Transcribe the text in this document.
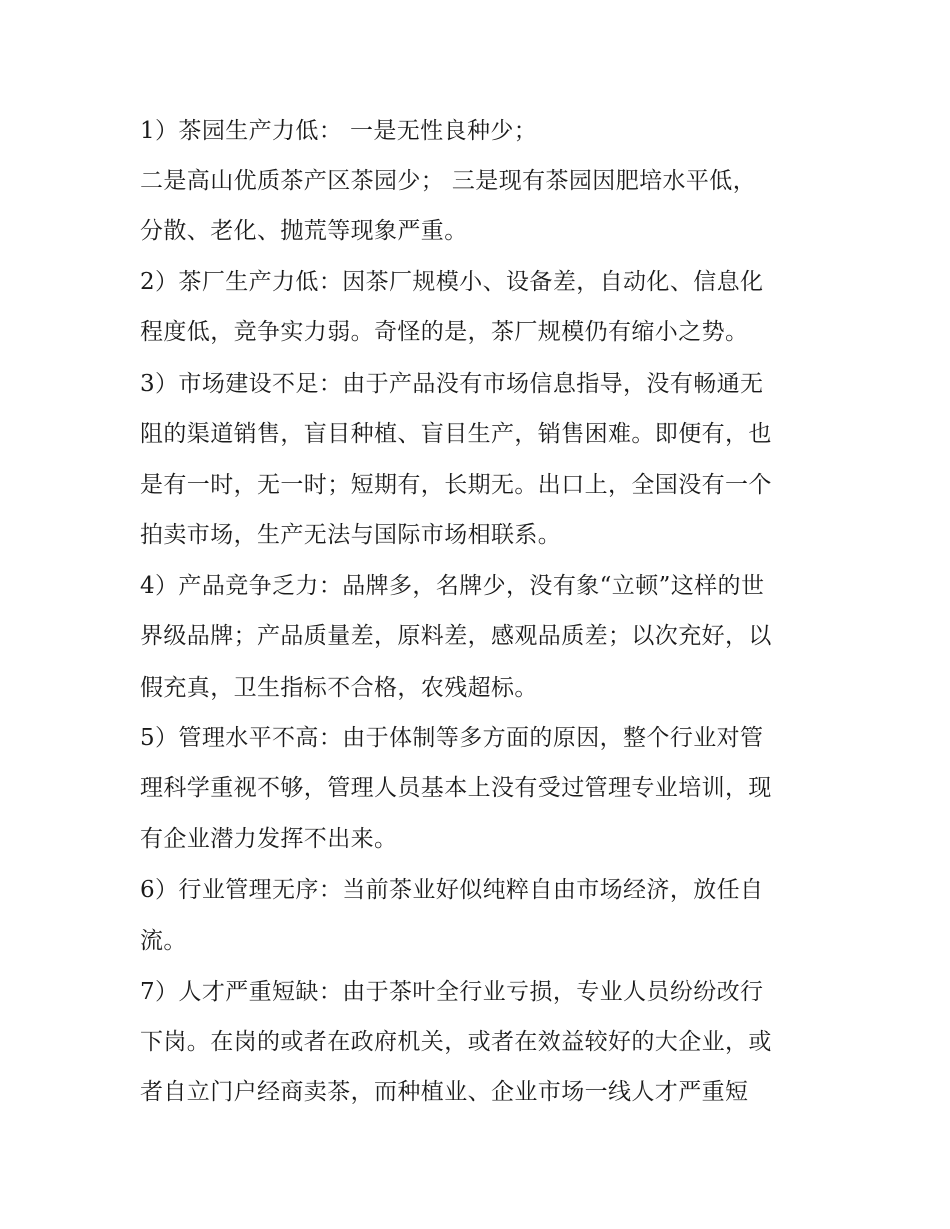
1）茶园生产力低： 一是无性良种少；
二是高山优质茶产区茶园少； 三是现有茶园因肥培水平低，
分散、老化、抛荒等现象严重。
2）茶厂生产力低：因茶厂规模小、设备差，自动化、信息化
程度低，竞争实力弱。奇怪的是，茶厂规模仍有缩小之势。
3）市场建设不足：由于产品没有市场信息指导，没有畅通无
阻的渠道销售，盲目种植、盲目生产，销售困难。即便有，也
是有一时，无一时；短期有，长期无。出口上，全国没有一个
拍卖市场，生产无法与国际市场相联系。
4）产品竞争乏力：品牌多，名牌少，没有象“立顿”这样的世
界级品牌；产品质量差，原料差，感观品质差；以次充好，以
假充真，卫生指标不合格，农残超标。
5）管理水平不高：由于体制等多方面的原因，整个行业对管
理科学重视不够，管理人员基本上没有受过管理专业培训，现
有企业潜力发挥不出来。
6）行业管理无序：当前茶业好似纯粹自由市场经济，放任自
流。
7）人才严重短缺：由于茶叶全行业亏损，专业人员纷纷改行
下岗。在岗的或者在政府机关，或者在效益较好的大企业，或
者自立门户经商卖茶，而种植业、企业市场一线人才严重短
